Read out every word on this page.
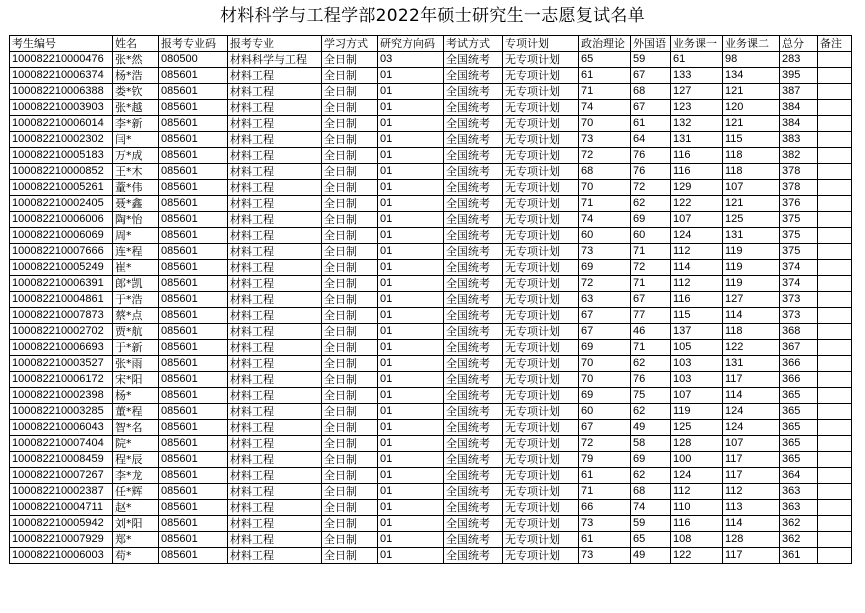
材料科学与工程学部2022年硕士研究生一志愿复试名单
考生编号	姓名	报考专业码	报考专业	学习方式	研究方向码	考试方式	专项计划	政治理论	外国语	业务课一	业务课二	总分	备注
100082210000476	张*然	080500	材料科学与工程	全日制	03	全国统考	无专项计划	65	59	61	98	283	
100082210006374	杨*浩	085601	材料工程	全日制	01	全国统考	无专项计划	61	67	133	134	395	
100082210006388	娄*钦	085601	材料工程	全日制	01	全国统考	无专项计划	71	68	127	121	387	
100082210003903	张*越	085601	材料工程	全日制	01	全国统考	无专项计划	74	67	123	120	384	
100082210006014	李*新	085601	材料工程	全日制	01	全国统考	无专项计划	70	61	132	121	384	
100082210002302	闫*	085601	材料工程	全日制	01	全国统考	无专项计划	73	64	131	115	383	
100082210005183	万*成	085601	材料工程	全日制	01	全国统考	无专项计划	72	76	116	118	382	
100082210000852	王*木	085601	材料工程	全日制	01	全国统考	无专项计划	68	76	116	118	378	
100082210005261	蕫*伟	085601	材料工程	全日制	01	全国统考	无专项计划	70	72	129	107	378	
100082210002405	聂*鑫	085601	材料工程	全日制	01	全国统考	无专项计划	71	62	122	121	376	
100082210006006	陶*怡	085601	材料工程	全日制	01	全国统考	无专项计划	74	69	107	125	375	
100082210006069	周*	085601	材料工程	全日制	01	全国统考	无专项计划	60	60	124	131	375	
100082210007666	连*程	085601	材料工程	全日制	01	全国统考	无专项计划	73	71	112	119	375	
100082210005249	崔*	085601	材料工程	全日制	01	全国统考	无专项计划	69	72	114	119	374	
100082210006391	郎*凯	085601	材料工程	全日制	01	全国统考	无专项计划	72	71	112	119	374	
100082210004861	于*浩	085601	材料工程	全日制	01	全国统考	无专项计划	63	67	116	127	373	
100082210007873	蔡*点	085601	材料工程	全日制	01	全国统考	无专项计划	67	77	115	114	373	
100082210002702	贾*航	085601	材料工程	全日制	01	全国统考	无专项计划	67	46	137	118	368	
100082210006693	于*新	085601	材料工程	全日制	01	全国统考	无专项计划	69	71	105	122	367	
100082210003527	张*雨	085601	材料工程	全日制	01	全国统考	无专项计划	70	62	103	131	366	
100082210006172	宋*阳	085601	材料工程	全日制	01	全国统考	无专项计划	70	76	103	117	366	
100082210002398	杨*	085601	材料工程	全日制	01	全国统考	无专项计划	69	75	107	114	365	
100082210003285	董*程	085601	材料工程	全日制	01	全国统考	无专项计划	60	62	119	124	365	
100082210006043	智*名	085601	材料工程	全日制	01	全国统考	无专项计划	67	49	125	124	365	
100082210007404	院*	085601	材料工程	全日制	01	全国统考	无专项计划	72	58	128	107	365	
100082210008459	程*辰	085601	材料工程	全日制	01	全国统考	无专项计划	79	69	100	117	365	
100082210007267	李*龙	085601	材料工程	全日制	01	全国统考	无专项计划	61	62	124	117	364	
100082210002387	任*辉	085601	材料工程	全日制	01	全国统考	无专项计划	71	68	112	112	363	
100082210004711	赵*	085601	材料工程	全日制	01	全国统考	无专项计划	66	74	110	113	363	
100082210005942	刘*阳	085601	材料工程	全日制	01	全国统考	无专项计划	73	59	116	114	362	
100082210007929	郑*	085601	材料工程	全日制	01	全国统考	无专项计划	61	65	108	128	362	
100082210006003	苟*	085601	材料工程	全日制	01	全国统考	无专项计划	73	49	122	117	361	
